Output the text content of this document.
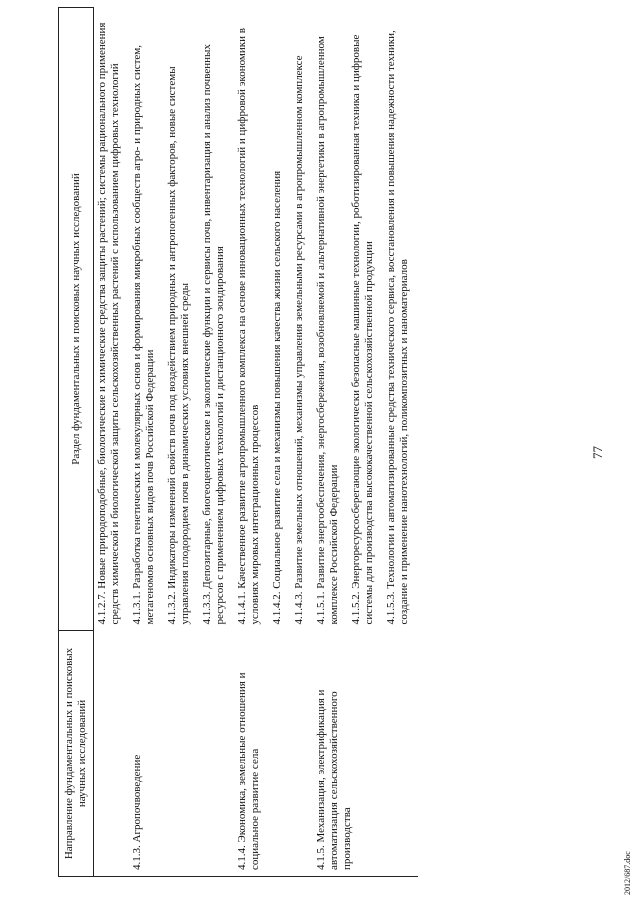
77
Направление фундаментальных и поисковых научных исследований	Раздел фундаментальных и поисковых научных исследований
	4.1.2.7. Новые природоподобные, биологические и химические средства защиты растений; системы рационального применения средств химической и биологической защиты сельскохозяйственных растений с использованием цифровых технологий
4.1.3. Агропочвоведение	4.1.3.1. Разработка генетических и молекулярных основ и формирования микробных сообществ агро- и природных систем, метагеномов основных видов почв Российской Федерации
	4.1.3.2. Индикаторы изменений свойств почв под воздействием природных и антропогенных факторов, новые системы управления плодородием почв в динамических условиях внешней среды
	4.1.3.3. Депозитарные, биогеоценотические и экологические функции и сервисы почв, инвентаризация и анализ почвенных ресурсов с применением цифровых технологий и дистанционного зондирования
4.1.4. Экономика, земельные отношения и социальное развитие села	4.1.4.1. Качественное развитие агропромышленного комплекса на основе инновационных технологий и цифровой экономики в условиях мировых интеграционных процессов
	4.1.4.2. Социальное развитие села и механизмы повышения качества жизни сельского населения
	4.1.4.3. Развитие земельных отношений, механизмы управления земельными ресурсами в агропромышленном комплексе
4.1.5. Механизация, электрификация и автоматизация сельскохозяйственного производства	4.1.5.1. Развитие энергообеспечения, энергосбережения, возобновляемой и альтернативной энергетики в агропромышленном комплексе Российской Федерации
	4.1.5.2. Энергоресурсосберегающие экологически безопасные машинные технологии, роботизированная техника и цифровые системы для производства высококачественной сельскохозяйственной продукции
	4.1.5.3. Технологии и автоматизированные средства технического сервиса, восстановления и повышения надежности техники, создание и применение нанотехнологий, поликомпозитных и наноматериалов
2012/687.doc
